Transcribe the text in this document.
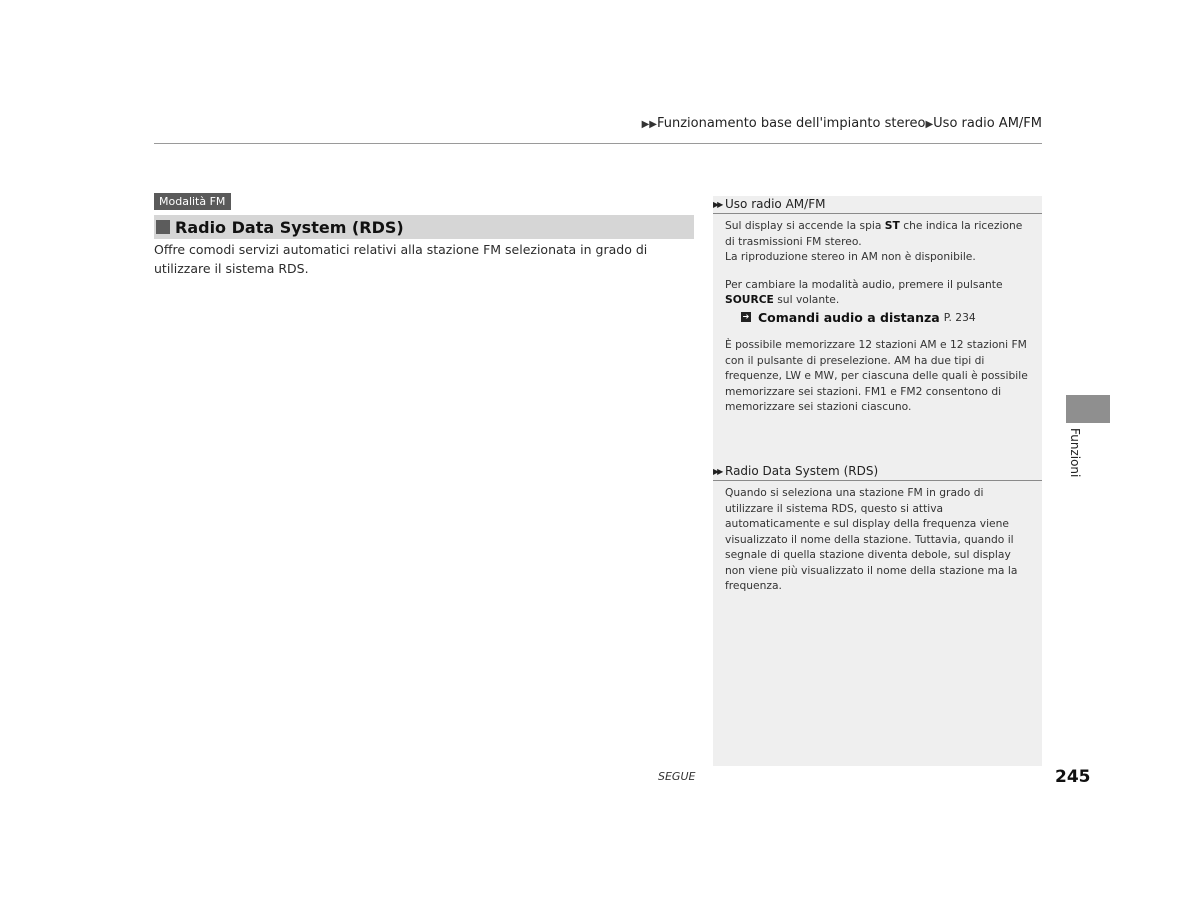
▶▶Funzionamento base dell'impianto stereo▶Uso radio AM/FM
Modalità FM
Radio Data System (RDS)
Offre comodi servizi automatici relativi alla stazione FM selezionata in grado di utilizzare il sistema RDS.
▶▶ Uso radio AM/FM

Sul display si accende la spia ST che indica la ricezione di trasmissioni FM stereo.

La riproduzione stereo in AM non è disponibile.

Per cambiare la modalità audio, premere il pulsante SOURCE sul volante.

➔ Comandi audio a distanza P. 234

È possibile memorizzare 12 stazioni AM e 12 stazioni FM con il pulsante di preselezione. AM ha due tipi di frequenze, LW e MW, per ciascuna delle quali è possibile memorizzare sei stazioni. FM1 e FM2 consentono di memorizzare sei stazioni ciascuno.

▶▶ Radio Data System (RDS)

Quando si seleziona una stazione FM in grado di utilizzare il sistema RDS, questo si attiva automaticamente e sul display della frequenza viene visualizzato il nome della stazione. Tuttavia, quando il segnale di quella stazione diventa debole, sul display non viene più visualizzato il nome della stazione ma la frequenza.

Funzioni
SEGUE	245
